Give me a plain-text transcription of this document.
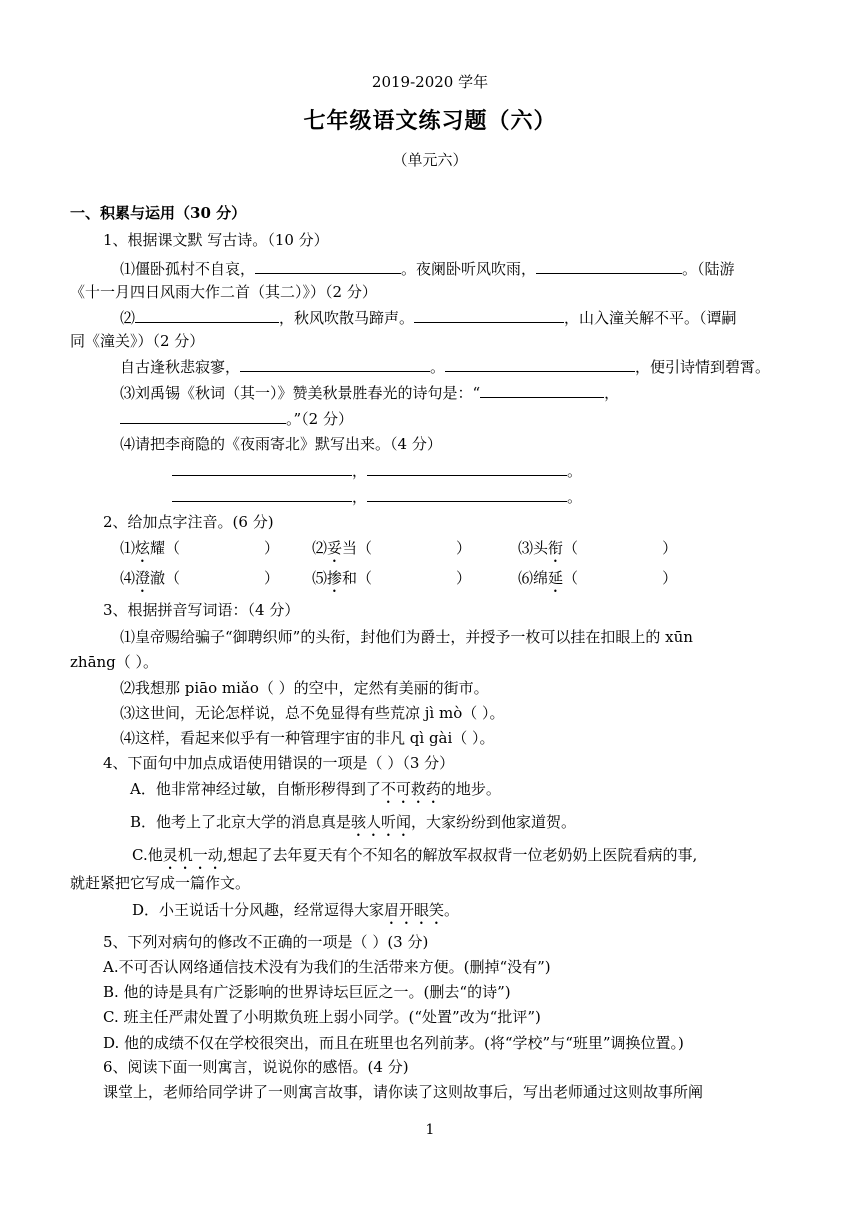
2019-2020 学年
七年级语文练习题（六）
（单元六）
一、积累与运用（30 分）
1、根据课文默 写古诗。（10 分）
⑴僵卧孤村不自哀，	。夜阑卧听风吹雨，	。（陆游
《十一月四日风雨大作二首（其二）》）（2 分）
⑵	，秋风吹散马蹄声。	，山入潼关解不平。（谭嗣
同《潼关》）（2 分）
自古逢秋悲寂寥，	。	，便引诗情到碧霄。
⑶刘禹锡《秋词（其一）》赞美秋景胜春光的诗句是：“	，
。”（2 分）
⑷请把李商隐的《夜雨寄北》默写出来。（4 分）
，	。
，	。
2、给加点字注音。(6 分)
⑴炫耀（	） ⑵妥当（	）	⑶头衔（	）
⑷澄澈（	） ⑸掺和（	）	⑹绵延（	）
3、根据拼音写词语：（4 分）
⑴皇帝赐给骗子“御聘织师”的头衔，封他们为爵士，并授予一枚可以挂在扣眼上的 xūn
zhāng（ ）。
⑵我想那 piāo miǎo（ ）的空中，定然有美丽的街市。
⑶这世间，无论怎样说，总不免显得有些荒凉 jì mò（ ）。
⑷这样，看起来似乎有一种管理宇宙的非凡 qì gài（ ）。
4、下面句中加点成语使用错误的一项是（ ）（3 分）
A．他非常神经过敏，自惭形秽得到了不可救药的地步。
B．他考上了北京大学的消息真是骇人听闻，大家纷纷到他家道贺。
C.他灵机一动,想起了去年夏天有个不知名的解放军叔叔背一位老奶奶上医院看病的事,
就赶紧把它写成一篇作文。
D．小王说话十分风趣，经常逗得大家眉开眼笑。
5、下列对病句的修改不正确的一项是（ ）(3 分)
A.不可否认网络通信技术没有为我们的生活带来方便。(删掉“没有”)
B. 他的诗是具有广泛影响的世界诗坛巨匠之一。(删去“的诗”)
C. 班主任严肃处置了小明欺负班上弱小同学。(“处置”改为“批评”)
D. 他的成绩不仅在学校很突出，而且在班里也名列前茅。(将“学校”与“班里”调换位置。)
6、阅读下面一则寓言，说说你的感悟。(4 分)
课堂上，老师给同学讲了一则寓言故事，请你读了这则故事后，写出老师通过这则故事所阐
1
